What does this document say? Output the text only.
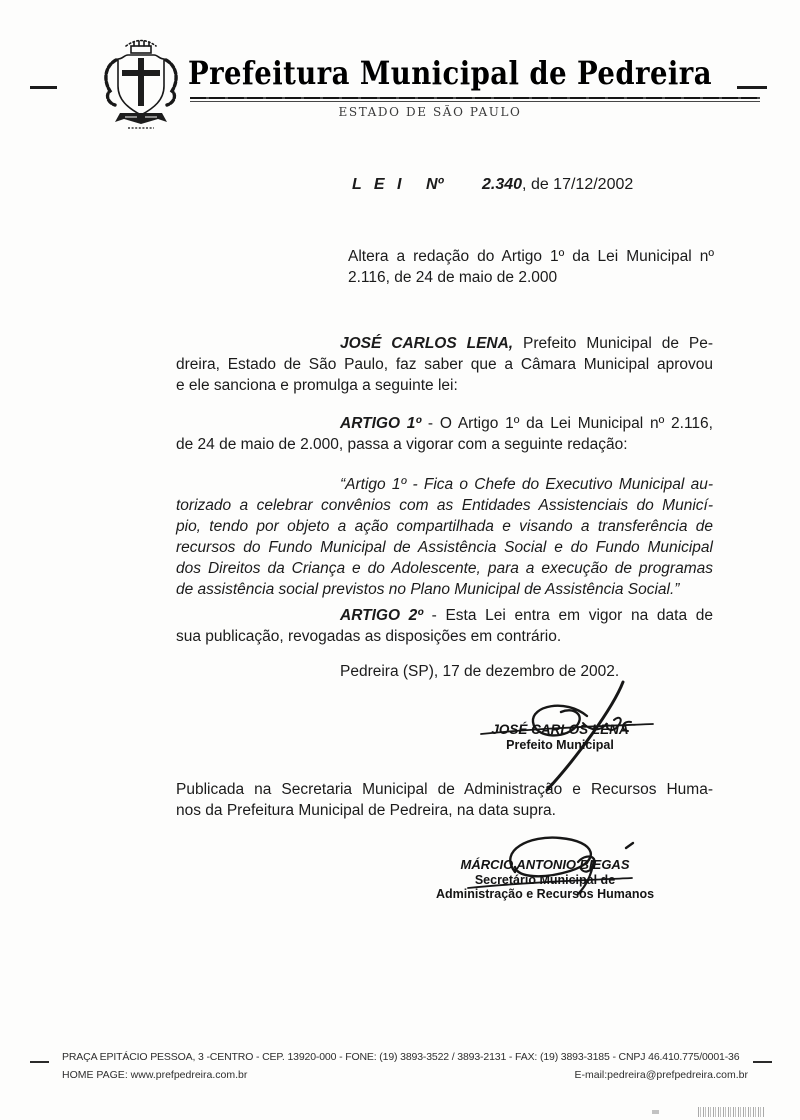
Prefeitura Municipal de Pedreira
ESTADO DE SÃO PAULO
L E I Nº 2.340, de 17/12/2002
Altera a redação do Artigo 1º da Lei Municipal nº
2.116, de 24 de maio de 2.000
JOSÉ CARLOS LENA, Prefeito Municipal de Pe-
dreira, Estado de São Paulo, faz saber que a Câmara Municipal aprovou
e ele sanciona e promulga a seguinte lei:
ARTIGO 1º - O Artigo 1º da Lei Municipal nº 2.116,
de 24 de maio de 2.000, passa a vigorar com a seguinte redação:
“Artigo 1º - Fica o Chefe do Executivo Municipal au-
torizado a celebrar convênios com as Entidades Assistenciais do Municí-
pio, tendo por objeto a ação compartilhada e visando a transferência de
recursos do Fundo Municipal de Assistência Social e do Fundo Municipal
dos Direitos da Criança e do Adolescente, para a execução de programas
de assistência social previstos no Plano Municipal de Assistência Social.”
ARTIGO 2º - Esta Lei entra em vigor na data de
sua publicação, revogadas as disposições em contrário.
Pedreira (SP), 17 de dezembro de 2002.
JOSÉ CARLOS LENA
Prefeito Municipal
Publicada na Secretaria Municipal de Administração e Recursos Huma-
nos da Prefeitura Municipal de Pedreira, na data supra.
MÁRCIO ANTONIO BIEGAS
Secretário Municipal de
Administração e Recursos Humanos
PRAÇA EPITÁCIO PESSOA, 3 -CENTRO - CEP. 13920-000 - FONE: (19) 3893-3522 / 3893-2131 - FAX: (19) 3893-3185 - CNPJ 46.410.775/0001-36
HOME PAGE: www.prefpedreira.com.br	E-mail:pedreira@prefpedreira.com.br
